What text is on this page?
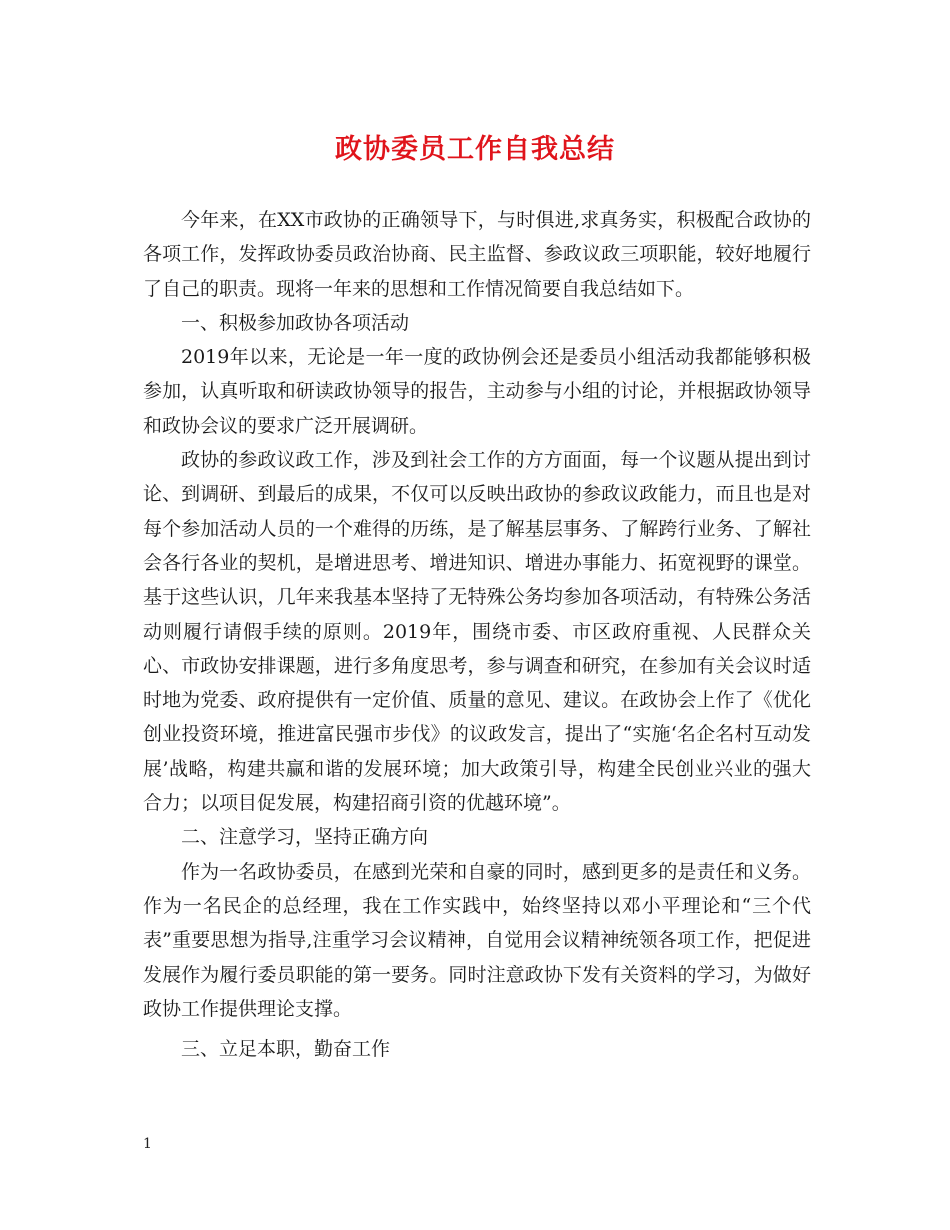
政协委员工作自我总结

今年来，在XX市政协的正确领导下，与时俱进,求真务实，积极配合政协的各项工作，发挥政协委员政治协商、民主监督、参政议政三项职能，较好地履行了自己的职责。现将一年来的思想和工作情况简要自我总结如下。

一、积极参加政协各项活动

2019年以来，无论是一年一度的政协例会还是委员小组活动我都能够积极参加，认真听取和研读政协领导的报告，主动参与小组的讨论，并根据政协领导和政协会议的要求广泛开展调研。

政协的参政议政工作，涉及到社会工作的方方面面，每一个议题从提出到讨论、到调研、到最后的成果，不仅可以反映出政协的参政议政能力，而且也是对每个参加活动人员的一个难得的历练，是了解基层事务、了解跨行业务、了解社会各行各业的契机，是增进思考、增进知识、增进办事能力、拓宽视野的课堂。基于这些认识，几年来我基本坚持了无特殊公务均参加各项活动，有特殊公务活动则履行请假手续的原则。2019年，围绕市委、市区政府重视、人民群众关心、市政协安排课题，进行多角度思考，参与调查和研究，在参加有关会议时适时地为党委、政府提供有一定价值、质量的意见、建议。在政协会上作了《优化创业投资环境，推进富民强市步伐》的议政发言，提出了“实施‘名企名村互动发展’战略，构建共赢和谐的发展环境；加大政策引导，构建全民创业兴业的强大合力；以项目促发展，构建招商引资的优越环境”。

二、注意学习，坚持正确方向

作为一名政协委员，在感到光荣和自豪的同时，感到更多的是责任和义务。作为一名民企的总经理，我在工作实践中，始终坚持以邓小平理论和“三个代表”重要思想为指导,注重学习会议精神，自觉用会议精神统领各项工作，把促进发展作为履行委员职能的第一要务。同时注意政协下发有关资料的学习，为做好政协工作提供理论支撑。

三、立足本职，勤奋工作

1
